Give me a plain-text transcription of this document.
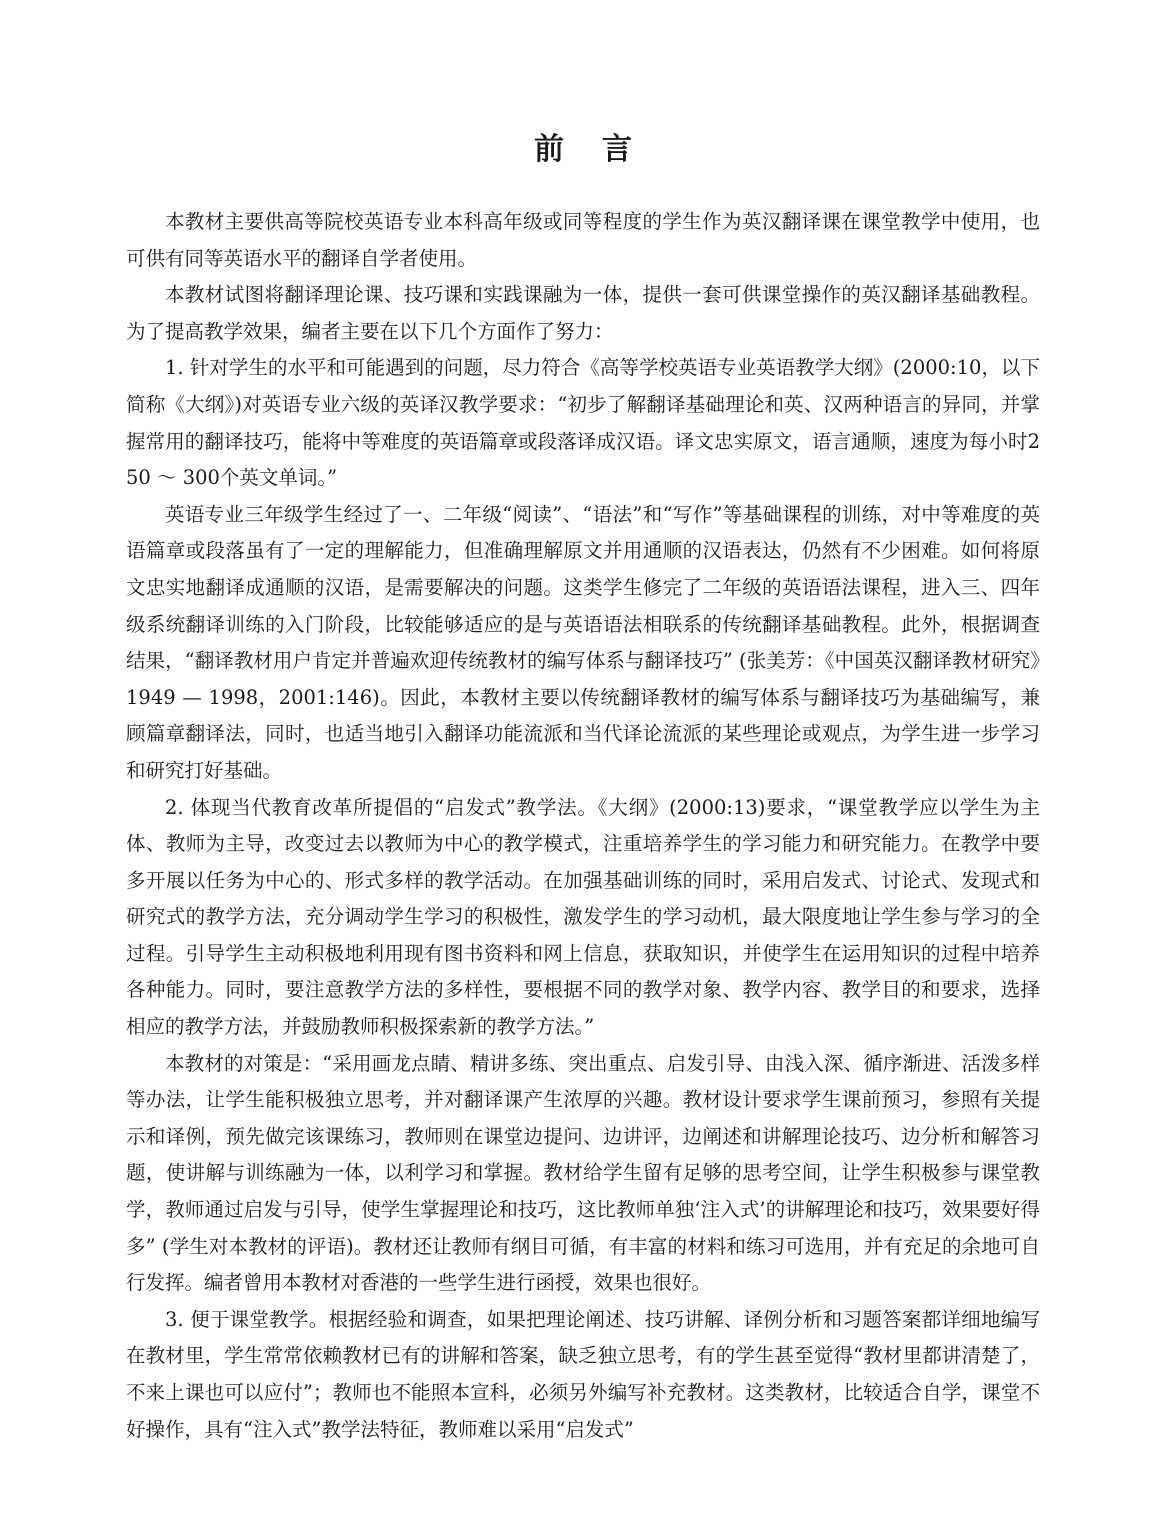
前言

本教材主要供高等院校英语专业本科高年级或同等程度的学生作为英汉翻译课在课堂教学中使用，也可供有同等英语水平的翻译自学者使用。

本教材试图将翻译理论课、技巧课和实践课融为一体，提供一套可供课堂操作的英汉翻译基础教程。为了提高教学效果，编者主要在以下几个方面作了努力：

1. 针对学生的水平和可能遇到的问题，尽力符合《高等学校英语专业英语教学大纲》(2000:10，以下简称《大纲》)对英语专业六级的英译汉教学要求：“初步了解翻译基础理论和英、汉两种语言的异同，并掌握常用的翻译技巧，能将中等难度的英语篇章或段落译成汉语。译文忠实原文，语言通顺，速度为每小时250 ～ 300个英文单词。”

英语专业三年级学生经过了一、二年级“阅读”、“语法”和“写作”等基础课程的训练，对中等难度的英语篇章或段落虽有了一定的理解能力，但准确理解原文并用通顺的汉语表达，仍然有不少困难。如何将原文忠实地翻译成通顺的汉语，是需要解决的问题。这类学生修完了二年级的英语语法课程，进入三、四年级系统翻译训练的入门阶段，比较能够适应的是与英语语法相联系的传统翻译基础教程。此外，根据调查结果，“翻译教材用户肯定并普遍欢迎传统教材的编写体系与翻译技巧” (张美芳：《中国英汉翻译教材研究》1949 — 1998，2001:146)。因此，本教材主要以传统翻译教材的编写体系与翻译技巧为基础编写，兼顾篇章翻译法，同时，也适当地引入翻译功能流派和当代译论流派的某些理论或观点，为学生进一步学习和研究打好基础。

2. 体现当代教育改革所提倡的“启发式”教学法。《大纲》(2000:13)要求，“课堂教学应以学生为主体、教师为主导，改变过去以教师为中心的教学模式，注重培养学生的学习能力和研究能力。在教学中要多开展以任务为中心的、形式多样的教学活动。在加强基础训练的同时，采用启发式、讨论式、发现式和研究式的教学方法，充分调动学生学习的积极性，激发学生的学习动机，最大限度地让学生参与学习的全过程。引导学生主动积极地利用现有图书资料和网上信息，获取知识，并使学生在运用知识的过程中培养各种能力。同时，要注意教学方法的多样性，要根据不同的教学对象、教学内容、教学目的和要求，选择相应的教学方法，并鼓励教师积极探索新的教学方法。”

本教材的对策是：“采用画龙点睛、精讲多练、突出重点、启发引导、由浅入深、循序渐进、活泼多样等办法，让学生能积极独立思考，并对翻译课产生浓厚的兴趣。教材设计要求学生课前预习，参照有关提示和译例，预先做完该课练习，教师则在课堂边提问、边讲评，边阐述和讲解理论技巧、边分析和解答习题，使讲解与训练融为一体，以利学习和掌握。教材给学生留有足够的思考空间，让学生积极参与课堂教学，教师通过启发与引导，使学生掌握理论和技巧，这比教师单独‘注入式’的讲解理论和技巧，效果要好得多” (学生对本教材的评语)。教材还让教师有纲目可循，有丰富的材料和练习可选用，并有充足的余地可自行发挥。编者曾用本教材对香港的一些学生进行函授，效果也很好。

3. 便于课堂教学。根据经验和调查，如果把理论阐述、技巧讲解、译例分析和习题答案都详细地编写在教材里，学生常常依赖教材已有的讲解和答案，缺乏独立思考，有的学生甚至觉得“教材里都讲清楚了，不来上课也可以应付”；教师也不能照本宣科，必须另外编写补充教材。这类教材，比较适合自学，课堂不好操作，具有“注入式”教学法特征，教师难以采用“启发式”
